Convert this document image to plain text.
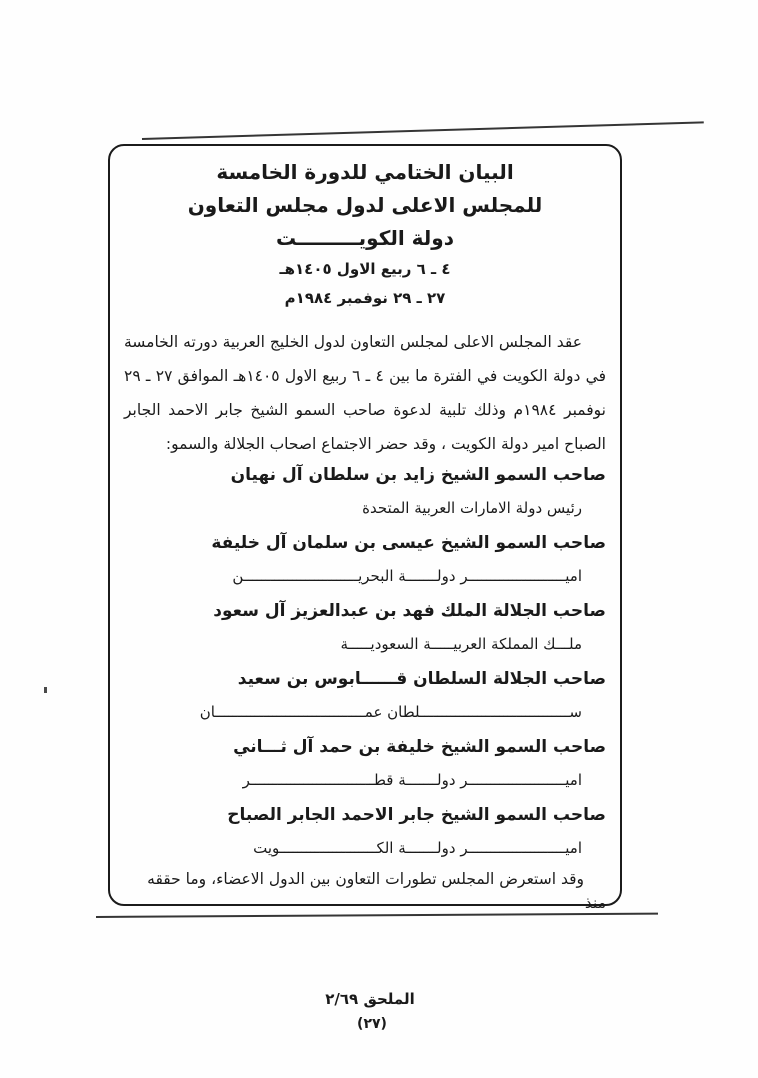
البيان الختامي للدورة الخامسة
للمجلس الاعلى لدول مجلس التعاون
دولة الكويـــــــــت
٤ ـ ٦ ربيع الاول ١٤٠٥هـ
٢٧ ـ ٢٩ نوفمبر ١٩٨٤م

عقد المجلس الاعلى لمجلس التعاون لدول الخليج العربية دورته الخامسة في دولة الكويت في الفترة ما بين ٤ ـ ٦ ربيع الاول ١٤٠٥هـ الموافق ٢٧ ـ ٢٩ نوفمبر ١٩٨٤م وذلك تلبية لدعوة صاحب السمو الشيخ جابر الاحمد الجابر الصباح امير دولة الكويت ، وقد حضر الاجتماع اصحاب الجلالة والسمو:

صاحب السمو الشيخ زايد بن سلطان آل نهيان
رئيس دولة الامارات العربية المتحدة
صاحب السمو الشيخ عيسى بن سلمان آل خليفة
اميــــــــــــــــــــــر دولـــــــة البحريــــــــــــــــــــــــــن
صاحب الجلالة الملك فهد بن عبدالعزيز آل سعود
ملـــك المملكة العربيـــــة السعوديـــــة
صاحب الجلالة السلطان قــــــابوس بن سعيد
ســــــــــــــــــــــــــــــــــلطان عمــــــــــــــــــــــــــــــــــان
صاحب السمو الشيخ خليفة بن حمد آل ثـــاني
اميــــــــــــــــــــــر دولـــــــة قطــــــــــــــــــــــــــــر
صاحب السمو الشيخ جابر الاحمد الجابر الصباح
اميــــــــــــــــــــــر دولـــــــة الكــــــــــــــــــــــويت

وقد استعرض المجلس تطورات التعاون بين الدول الاعضاء، وما حققه منذ

الملحق ٢/٦٩
(٢٧)
